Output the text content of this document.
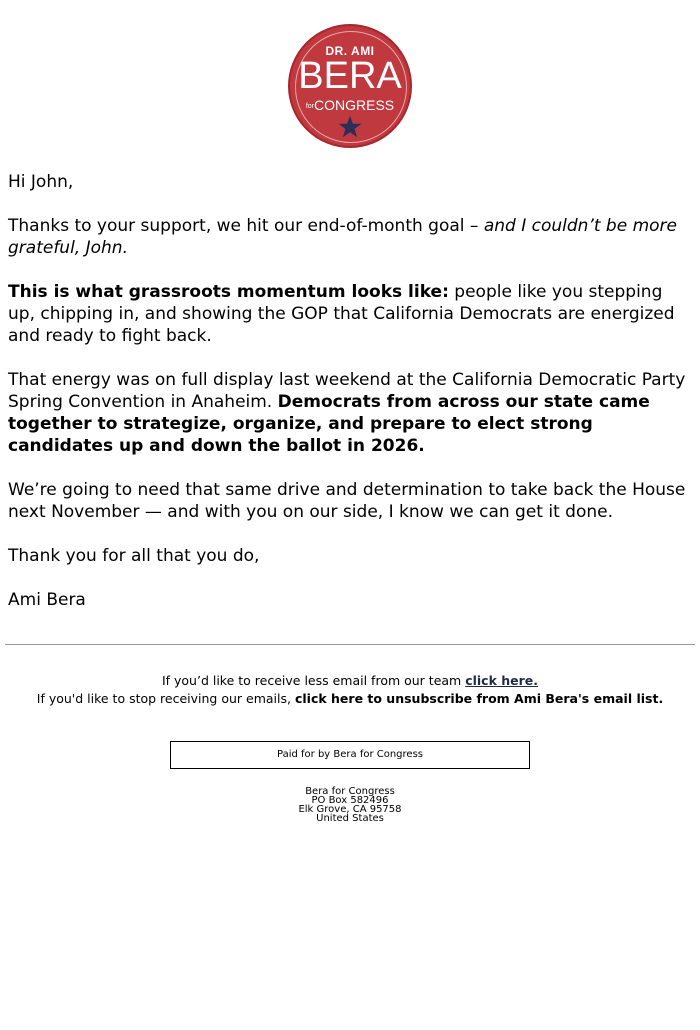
DR. AMI
BERA
forCONGRESS

Hi John,

Thanks to your support, we hit our end-of-month goal – and I couldn’t be more grateful, John.

This is what grassroots momentum looks like: people like you stepping up, chipping in, and showing the GOP that California Democrats are energized and ready to fight back.

That energy was on full display last weekend at the California Democratic Party Spring Convention in Anaheim. Democrats from across our state came together to strategize, organize, and prepare to elect strong candidates up and down the ballot in 2026.

We’re going to need that same drive and determination to take back the House next November — and with you on our side, I know we can get it done.

Thank you for all that you do,

Ami Bera

If you’d like to receive less email from our team click here.
If you'd like to stop receiving our emails, click here to unsubscribe from Ami Bera's email list.
Paid for by Bera for Congress
Bera for Congress
PO Box 582496
Elk Grove, CA 95758
United States
